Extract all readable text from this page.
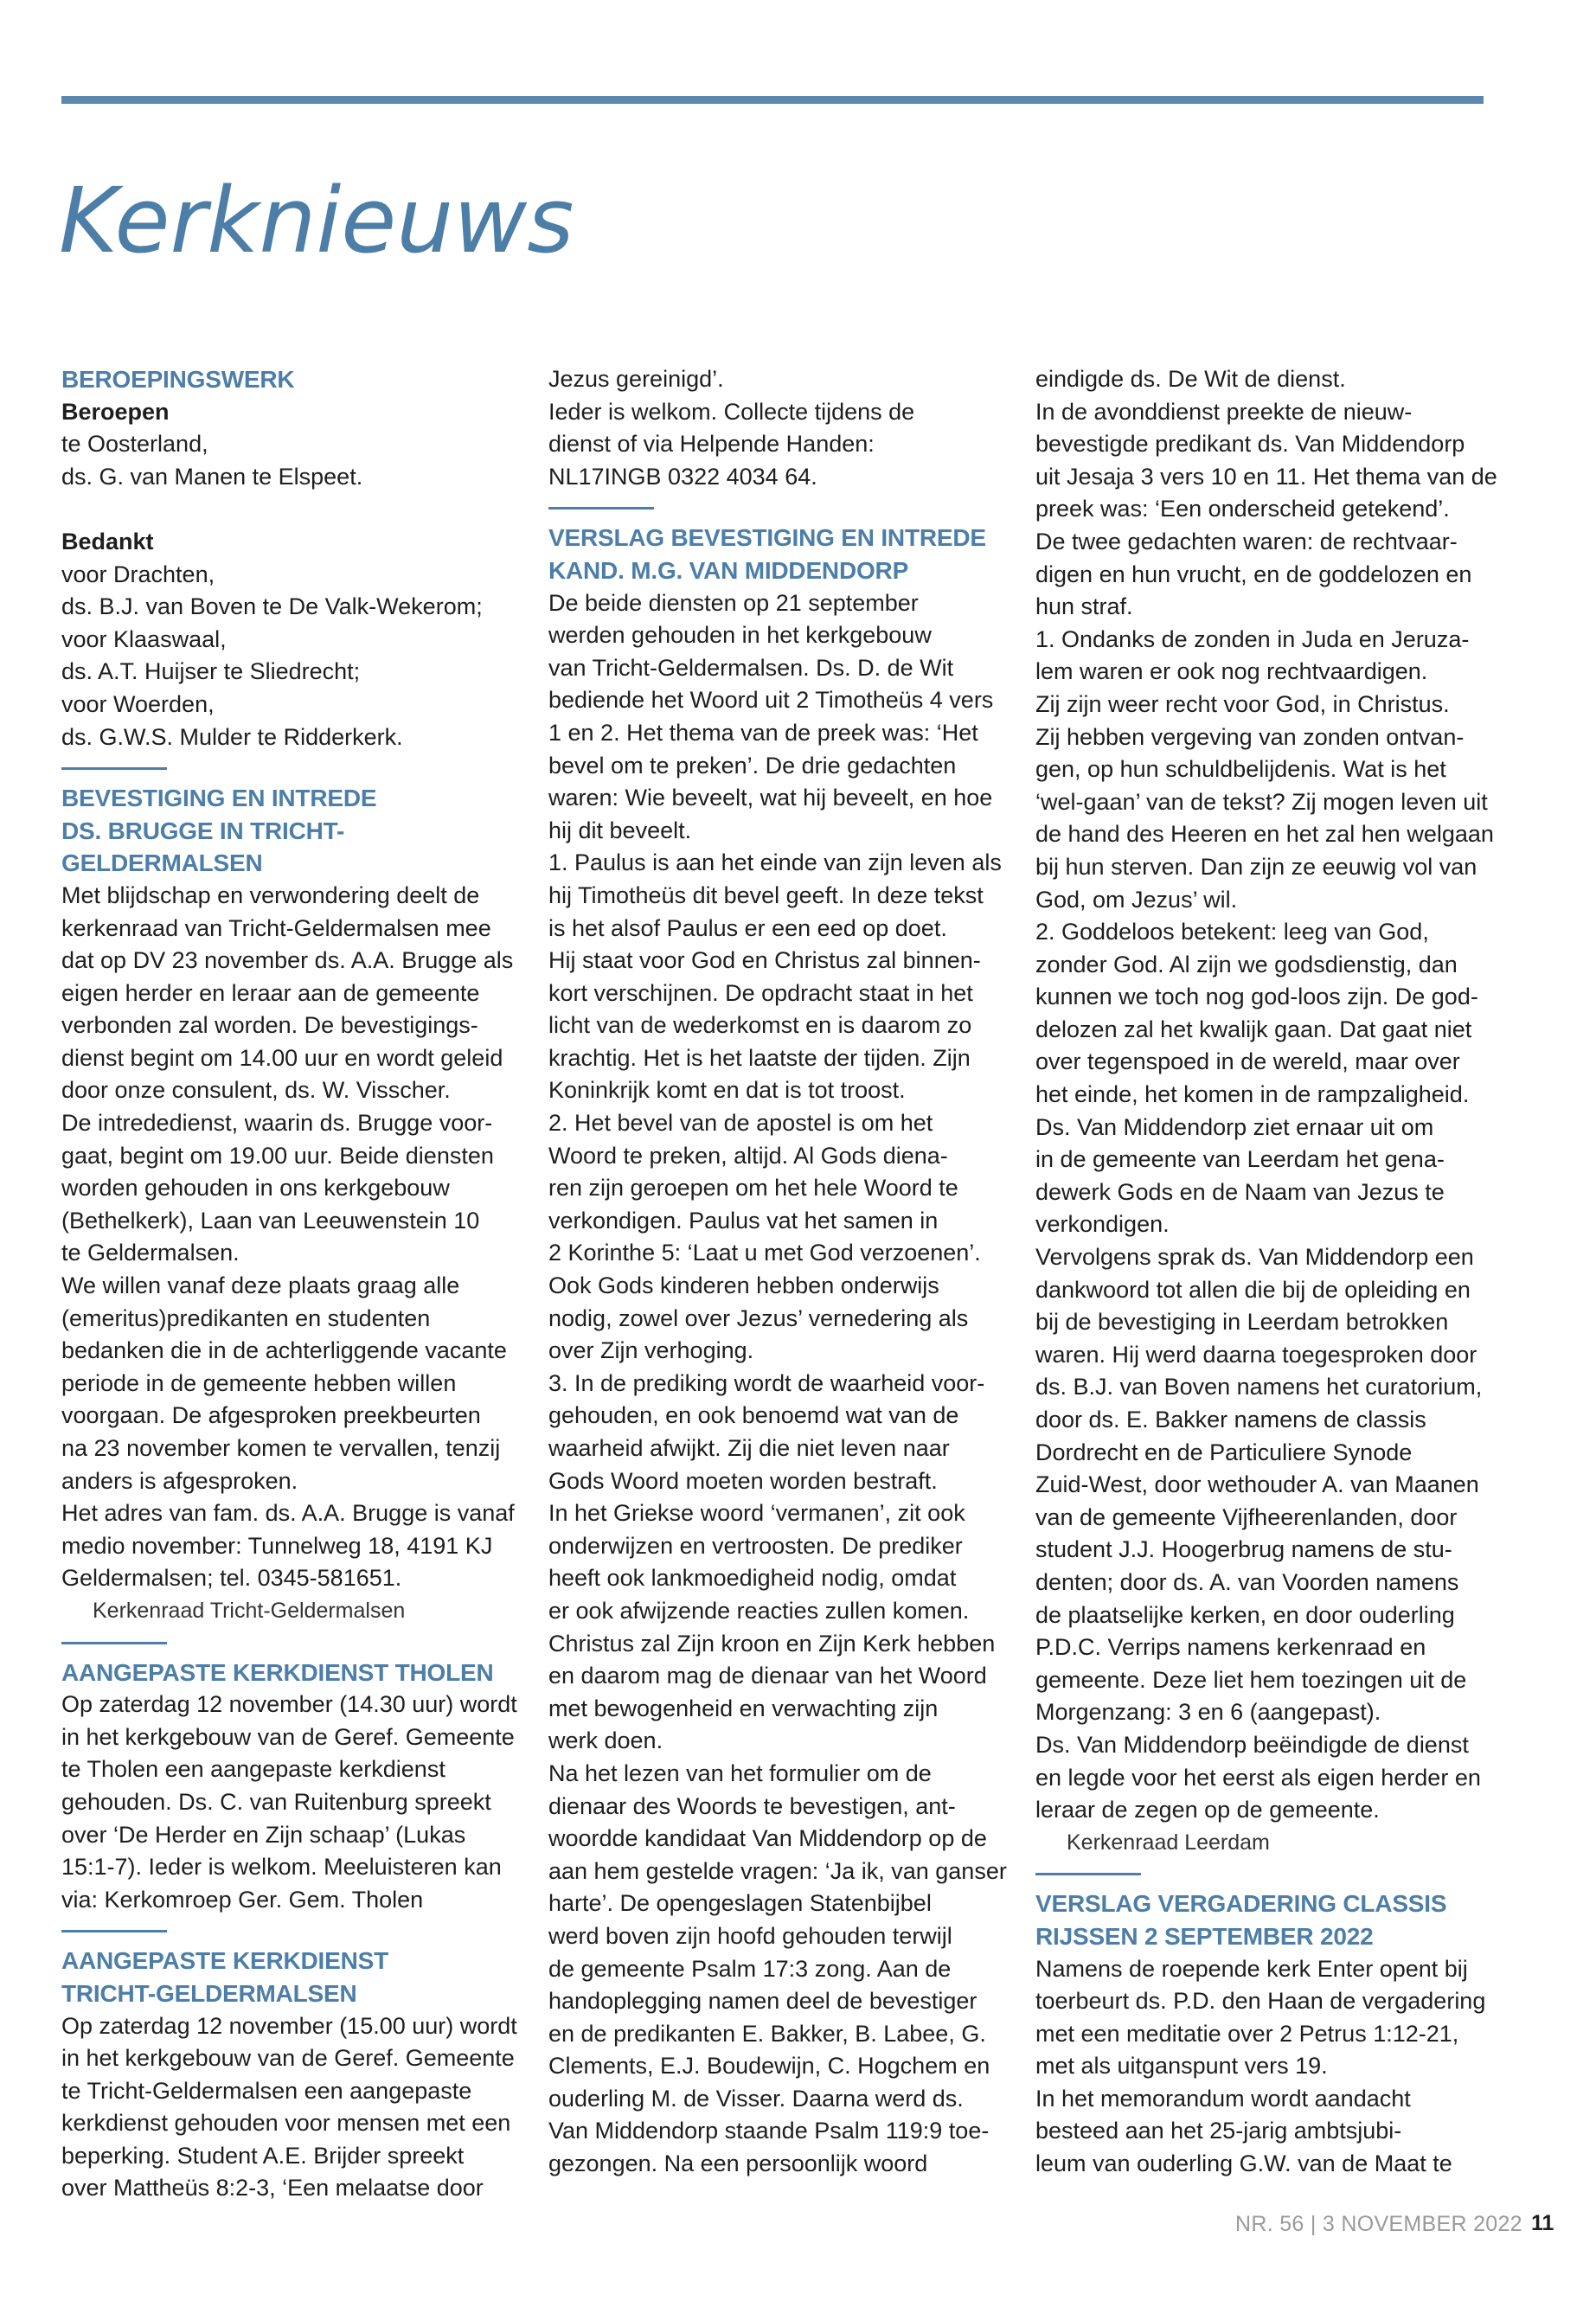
Kerknieuws

BEROEPINGSWERK

Beroepen

te Oosterland,

ds. G. van Manen te Elspeet.

Bedankt

voor Drachten,

ds. B.J. van Boven te De Valk-Wekerom;

voor Klaaswaal,

ds. A.T. Huijser te Sliedrecht;

voor Woerden,

ds. G.W.S. Mulder te Ridderkerk.

BEVESTIGING EN INTREDE

DS. BRUGGE IN TRICHT-GELDERMALSEN

Met blijdschap en verwondering deelt de

kerkenraad van Tricht-Geldermalsen mee

dat op DV 23 november ds. A.A. Brugge als

eigen herder en leraar aan de gemeente

verbonden zal worden. De bevestigings-

dienst begint om 14.00 uur en wordt geleid

door onze consulent, ds. W. Visscher.

De intrededienst, waarin ds. Brugge voor-

gaat, begint om 19.00 uur. Beide diensten

worden gehouden in ons kerkgebouw

(Bethelkerk), Laan van Leeuwenstein 10

te Geldermalsen.

We willen vanaf deze plaats graag alle

(emeritus)predikanten en studenten

bedanken die in de achterliggende vacante

periode in de gemeente hebben willen

voorgaan. De afgesproken preekbeurten

na 23 november komen te vervallen, tenzij

anders is afgesproken.

Het adres van fam. ds. A.A. Brugge is vanaf

medio november: Tunnelweg 18, 4191 KJ

Geldermalsen; tel. 0345-581651.

Kerkenraad Tricht-Geldermalsen

AANGEPASTE KERKDIENST THOLEN

Op zaterdag 12 november (14.30 uur) wordt

in het kerkgebouw van de Geref. Gemeente

te Tholen een aangepaste kerkdienst

gehouden. Ds. C. van Ruitenburg spreekt

over ‘De Herder en Zijn schaap’ (Lukas

15:1-7). Ieder is welkom. Meeluisteren kan

via: Kerkomroep Ger. Gem. Tholen

AANGEPASTE KERKDIENST

TRICHT-GELDERMALSEN

Op zaterdag 12 november (15.00 uur) wordt

in het kerkgebouw van de Geref. Gemeente

te Tricht-Geldermalsen een aangepaste

kerkdienst gehouden voor mensen met een

beperking. Student A.E. Brijder spreekt

over Mattheüs 8:2-3, ‘Een melaatse door

Jezus gereinigd’.

Ieder is welkom. Collecte tijdens de

dienst of via Helpende Handen:

NL17INGB 0322 4034 64.

VERSLAG BEVESTIGING EN INTREDE

KAND. M.G. VAN MIDDENDORP

De beide diensten op 21 september

werden gehouden in het kerkgebouw

van Tricht-Geldermalsen. Ds. D. de Wit

bediende het Woord uit 2 Timotheüs 4 vers

1 en 2. Het thema van de preek was: ‘Het

bevel om te preken’. De drie gedachten

waren: Wie beveelt, wat hij beveelt, en hoe

hij dit beveelt.

1. Paulus is aan het einde van zijn leven als

hij Timotheüs dit bevel geeft. In deze tekst

is het alsof Paulus er een eed op doet.

Hij staat voor God en Christus zal binnen-

kort verschijnen. De opdracht staat in het

licht van de wederkomst en is daarom zo

krachtig. Het is het laatste der tijden. Zijn

Koninkrijk komt en dat is tot troost.

2. Het bevel van de apostel is om het

Woord te preken, altijd. Al Gods diena-

ren zijn geroepen om het hele Woord te

verkondigen. Paulus vat het samen in

2 Korinthe 5: ‘Laat u met God verzoenen’.

Ook Gods kinderen hebben onderwijs

nodig, zowel over Jezus’ vernedering als

over Zijn verhoging.

3. In de prediking wordt de waarheid voor-

gehouden, en ook benoemd wat van de

waarheid afwijkt. Zij die niet leven naar

Gods Woord moeten worden bestraft.

In het Griekse woord ‘vermanen’, zit ook

onderwijzen en vertroosten. De prediker

heeft ook lankmoedigheid nodig, omdat

er ook afwijzende reacties zullen komen.

Christus zal Zijn kroon en Zijn Kerk hebben

en daarom mag de dienaar van het Woord

met bewogenheid en verwachting zijn

werk doen.

Na het lezen van het formulier om de

dienaar des Woords te bevestigen, ant-

woordde kandidaat Van Middendorp op de

aan hem gestelde vragen: ‘Ja ik, van ganser

harte’. De opengeslagen Statenbijbel

werd boven zijn hoofd gehouden terwijl

de gemeente Psalm 17:3 zong. Aan de

handoplegging namen deel de bevestiger

en de predikanten E. Bakker, B. Labee, G.

Clements, E.J. Boudewijn, C. Hogchem en

ouderling M. de Visser. Daarna werd ds.

Van Middendorp staande Psalm 119:9 toe-

gezongen. Na een persoonlijk woord

eindigde ds. De Wit de dienst.

In de avonddienst preekte de nieuw-

bevestigde predikant ds. Van Middendorp

uit Jesaja 3 vers 10 en 11. Het thema van de

preek was: ‘Een onderscheid getekend’.

De twee gedachten waren: de rechtvaar-

digen en hun vrucht, en de goddelozen en

hun straf.

1. Ondanks de zonden in Juda en Jeruza-

lem waren er ook nog rechtvaardigen.

Zij zijn weer recht voor God, in Christus.

Zij hebben vergeving van zonden ontvan-

gen, op hun schuldbelijdenis. Wat is het

‘wel-gaan’ van de tekst? Zij mogen leven uit

de hand des Heeren en het zal hen welgaan

bij hun sterven. Dan zijn ze eeuwig vol van

God, om Jezus’ wil.

2. Goddeloos betekent: leeg van God,

zonder God. Al zijn we godsdienstig, dan

kunnen we toch nog god-loos zijn. De god-

delozen zal het kwalijk gaan. Dat gaat niet

over tegenspoed in de wereld, maar over

het einde, het komen in de rampzaligheid.

Ds. Van Middendorp ziet ernaar uit om

in de gemeente van Leerdam het gena-

dewerk Gods en de Naam van Jezus te

verkondigen.

Vervolgens sprak ds. Van Middendorp een

dankwoord tot allen die bij de opleiding en

bij de bevestiging in Leerdam betrokken

waren. Hij werd daarna toegesproken door

ds. B.J. van Boven namens het curatorium,

door ds. E. Bakker namens de classis

Dordrecht en de Particuliere Synode

Zuid-West, door wethouder A. van Maanen

van de gemeente Vijfheerenlanden, door

student J.J. Hoogerbrug namens de stu-

denten; door ds. A. van Voorden namens

de plaatselijke kerken, en door ouderling

P.D.C. Verrips namens kerkenraad en

gemeente. Deze liet hem toezingen uit de

Morgenzang: 3 en 6 (aangepast).

Ds. Van Middendorp beëindigde de dienst

en legde voor het eerst als eigen herder en

leraar de zegen op de gemeente.

Kerkenraad Leerdam

VERSLAG VERGADERING CLASSIS

RIJSSEN 2 SEPTEMBER 2022

Namens de roepende kerk Enter opent bij

toerbeurt ds. P.D. den Haan de vergadering

met een meditatie over 2 Petrus 1:12-21,

met als uitganspunt vers 19.

In het memorandum wordt aandacht

besteed aan het 25-jarig ambtsjubi-

leum van ouderling G.W. van de Maat te

NR. 56 | 3 NOVEMBER 2022 11
